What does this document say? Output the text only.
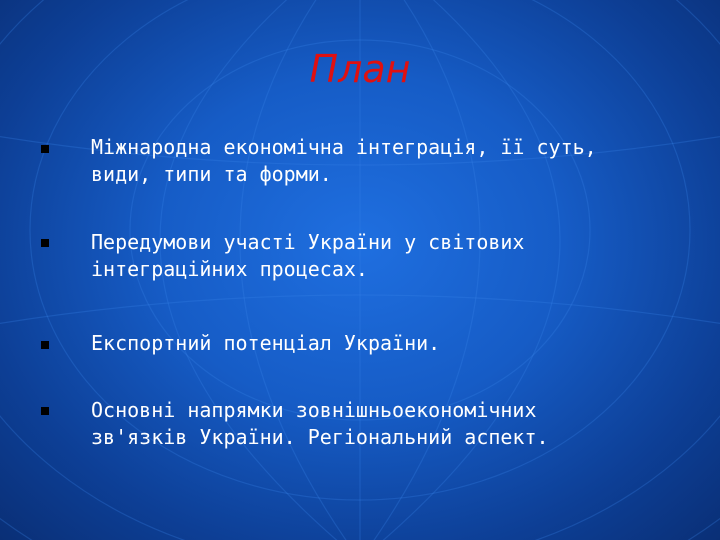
План
Міжнародна економічна інтеграція, її суть,
види, типи та форми.
Передумови участі України у світових
інтеграційних процесах.
Експортний потенціал України.
Основні напрямки зовнішньоекономічних
зв'язків України. Регіональний аспект.
